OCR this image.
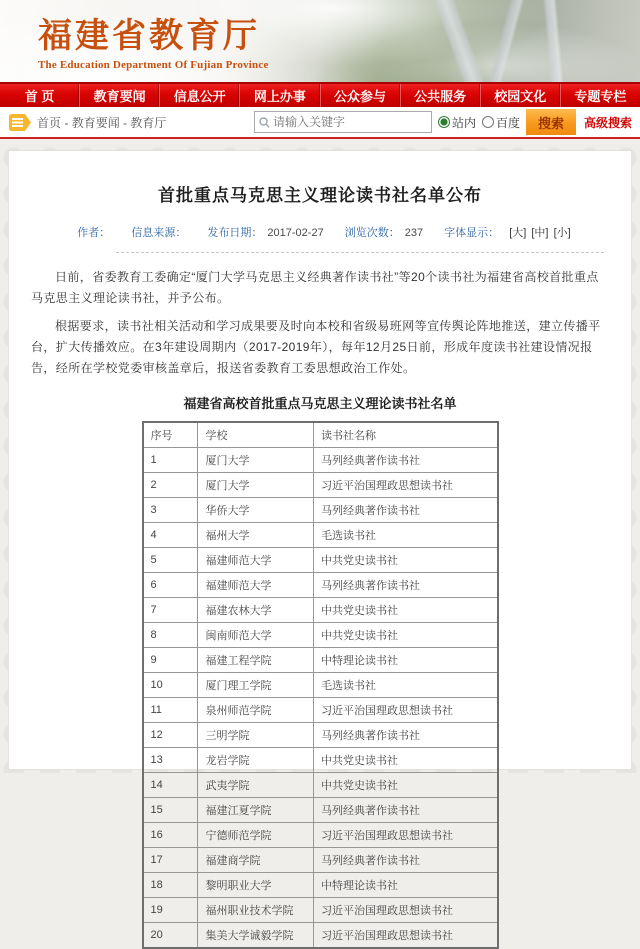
福建省教育厅
The Education Department Of Fujian Province
首 页	教育要闻	信息公开	网上办事	公众参与	公共服务	校园文化	专题专栏
首页 - 教育要闻 - 教育厅
请输入关键字	站内 百度	搜索	高级搜索
首批重点马克思主义理论读书社名单公布
作者： 信息来源： 发布日期： 2017-02-27 浏览次数： 237 字体显示： [大] [中] [小]

日前，省委教育工委确定“厦门大学马克思主义经典著作读书社”等20个读书社为福建省高校首批重点马克思主义理论读书社，并予公布。

根据要求，读书社相关活动和学习成果要及时向本校和省级易班网等宣传舆论阵地推送，建立传播平台，扩大传播效应。在3年建设周期内（2017-2019年），每年12月25日前，形成年度读书社建设情况报告，经所在学校党委审核盖章后，报送省委教育工委思想政治工作处。

福建省高校首批重点马克思主义理论读书社名单
序号	学校	读书社名称
1	厦门大学	马列经典著作读书社
2	厦门大学	习近平治国理政思想读书社
3	华侨大学	马列经典著作读书社
4	福州大学	毛选读书社
5	福建师范大学	中共党史读书社
6	福建师范大学	马列经典著作读书社
7	福建农林大学	中共党史读书社
8	闽南师范大学	中共党史读书社
9	福建工程学院	中特理论读书社
10	厦门理工学院	毛选读书社
11	泉州师范学院	习近平治国理政思想读书社
12	三明学院	马列经典著作读书社
13	龙岩学院	中共党史读书社
14	武夷学院	中共党史读书社
15	福建江夏学院	马列经典著作读书社
16	宁德师范学院	习近平治国理政思想读书社
17	福建商学院	马列经典著作读书社
18	黎明职业大学	中特理论读书社
19	福州职业技术学院	习近平治国理政思想读书社
20	集美大学诚毅学院	习近平治国理政思想读书社
